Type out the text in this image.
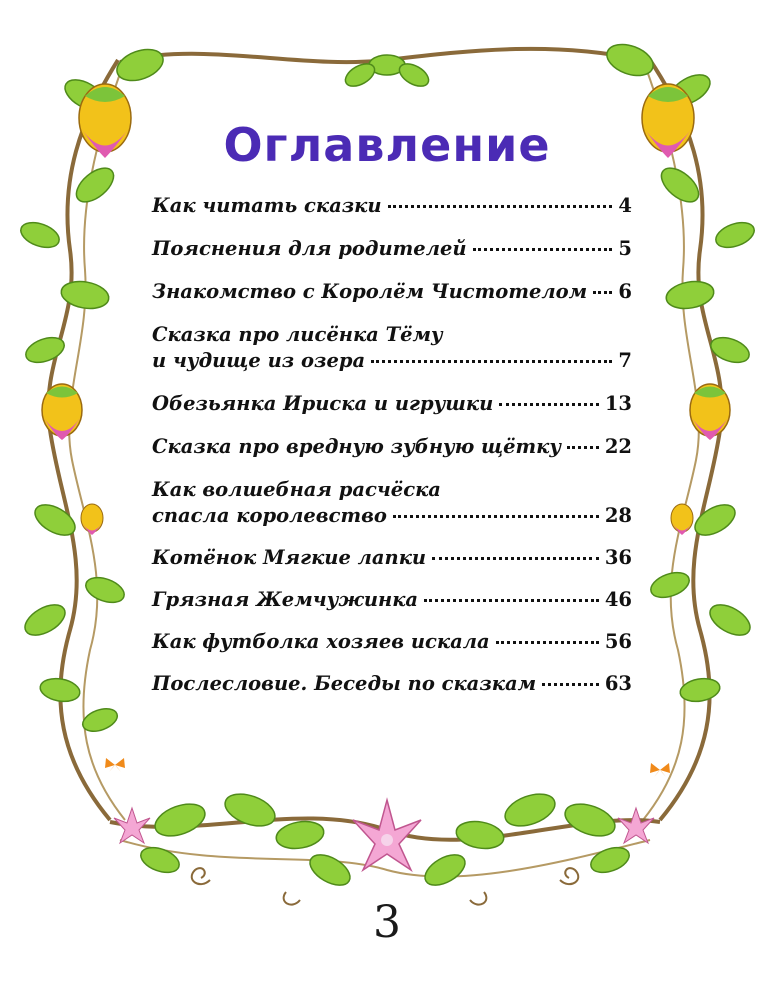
Оглавление
Как читать сказки	4
Пояснения для родителей	5
Знакомство с Королём Чистотелом 6
Сказка про лисёнка Тёму
и чудище из озера	7
Обезьянка Ириска и игрушки	13
Сказка про вредную зубную щётку 22
Как волшебная расчёска
спасла королевство	28
Котёнок Мягкие лапки	36
Грязная Жемчужинка	46
Как футболка хозяев искала	56
Послесловие. Беседы по сказкам	63
3
